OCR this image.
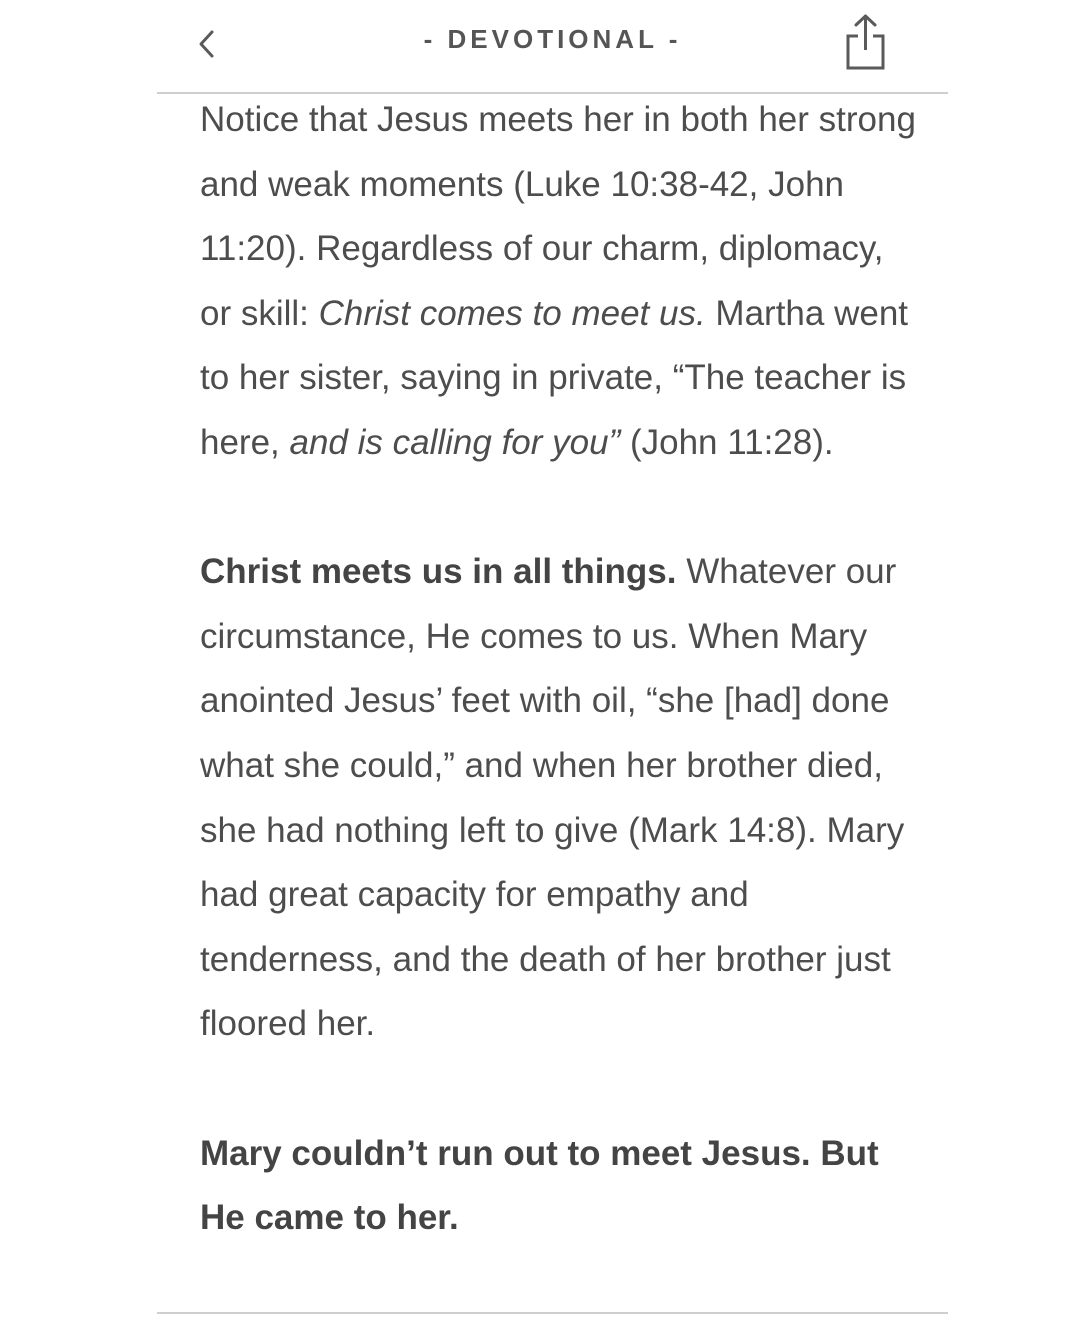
- DEVOTIONAL -

Notice that Jesus meets her in both her strong and weak moments (Luke 10:38-42, John 11:20). Regardless of our charm, diplomacy, or skill: Christ comes to meet us. Martha went to her sister, saying in private, “The teacher is here, and is calling for you” (John 11:28).

Christ meets us in all things. Whatever our circumstance, He comes to us. When Mary anointed Jesus’ feet with oil, “she [had] done what she could,” and when her brother died, she had nothing left to give (Mark 14:8). Mary had great capacity for empathy and tenderness, and the death of her brother just floored her.

Mary couldn’t run out to meet Jesus. But He came to her.
